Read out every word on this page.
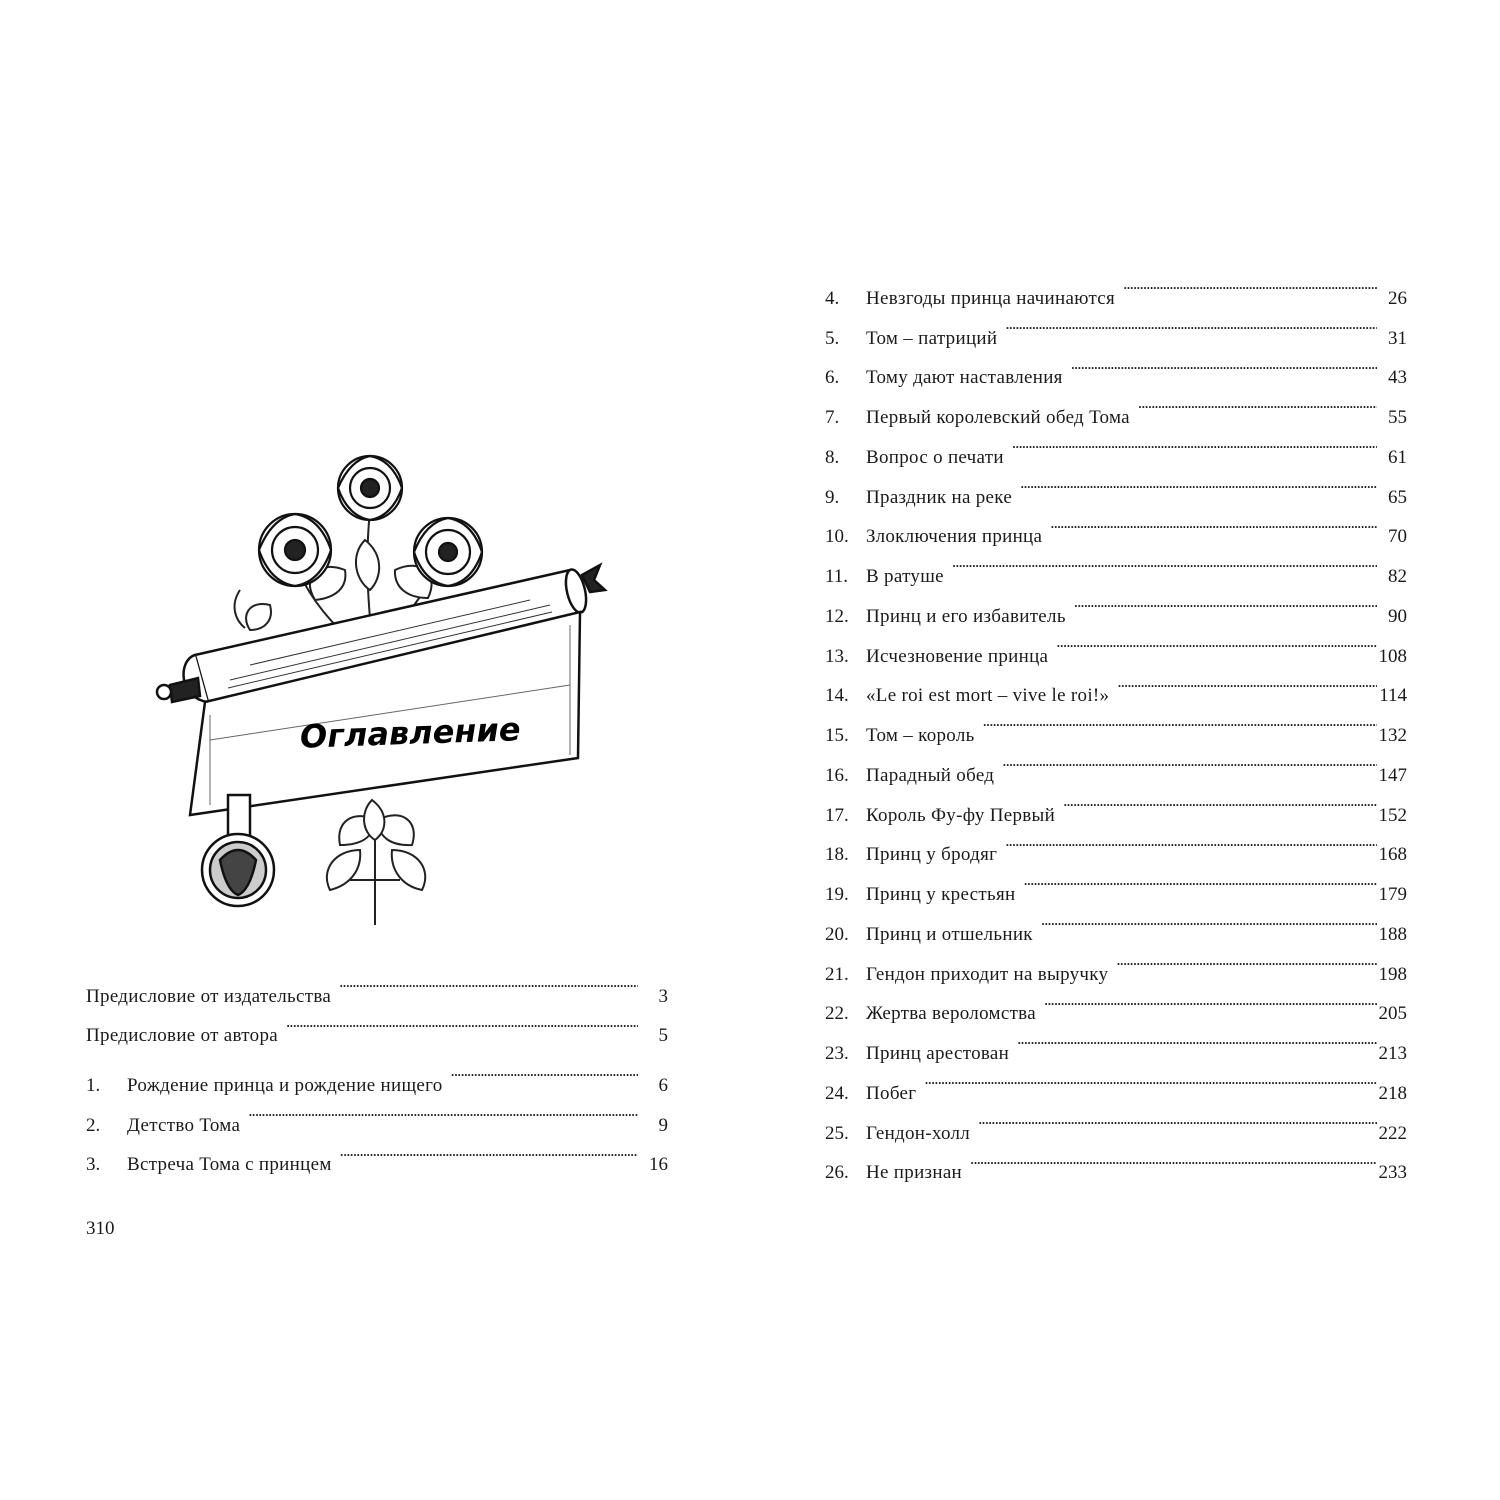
Оглавление
Предисловие от издательства . . .	3
Предисловие от автора . . .	5
1.	Рождение принца и рождение нищего . . .	6
2.	Детство Тома . . .	9
3.	Встреча Тома с принцем . . .	16
4.	Невзгоды принца начинаются . . .	26
5.	Том – патриций . . .	31
6.	Тому дают наставления . . .	43
7.	Первый королевский обед Тома . . .	55
8.	Вопрос о печати . . .	61
9.	Праздник на реке . . .	65
10. Злоключения принца . . .	70
11. В ратуше . . .	82
12. Принц и его избавитель . . .	90
13. Исчезновение принца . . .	108
14. «Le roi est mort – vive le roi!» . . .	114
15. Том – король . . .	132
16. Парадный обед . . .	147
17. Король Фу-фу Первый . . .	152
18. Принц у бродяг . . .	168
19. Принц у крестьян . . .	179
20. Принц и отшельник . . .	188
21. Гендон приходит на выручку . . .	198
22. Жертва вероломства . . .	205
23. Принц арестован . . .	213
24. Побег . . .	218
25. Гендон-холл . . .	222
26. Не признан . . .	233
310
